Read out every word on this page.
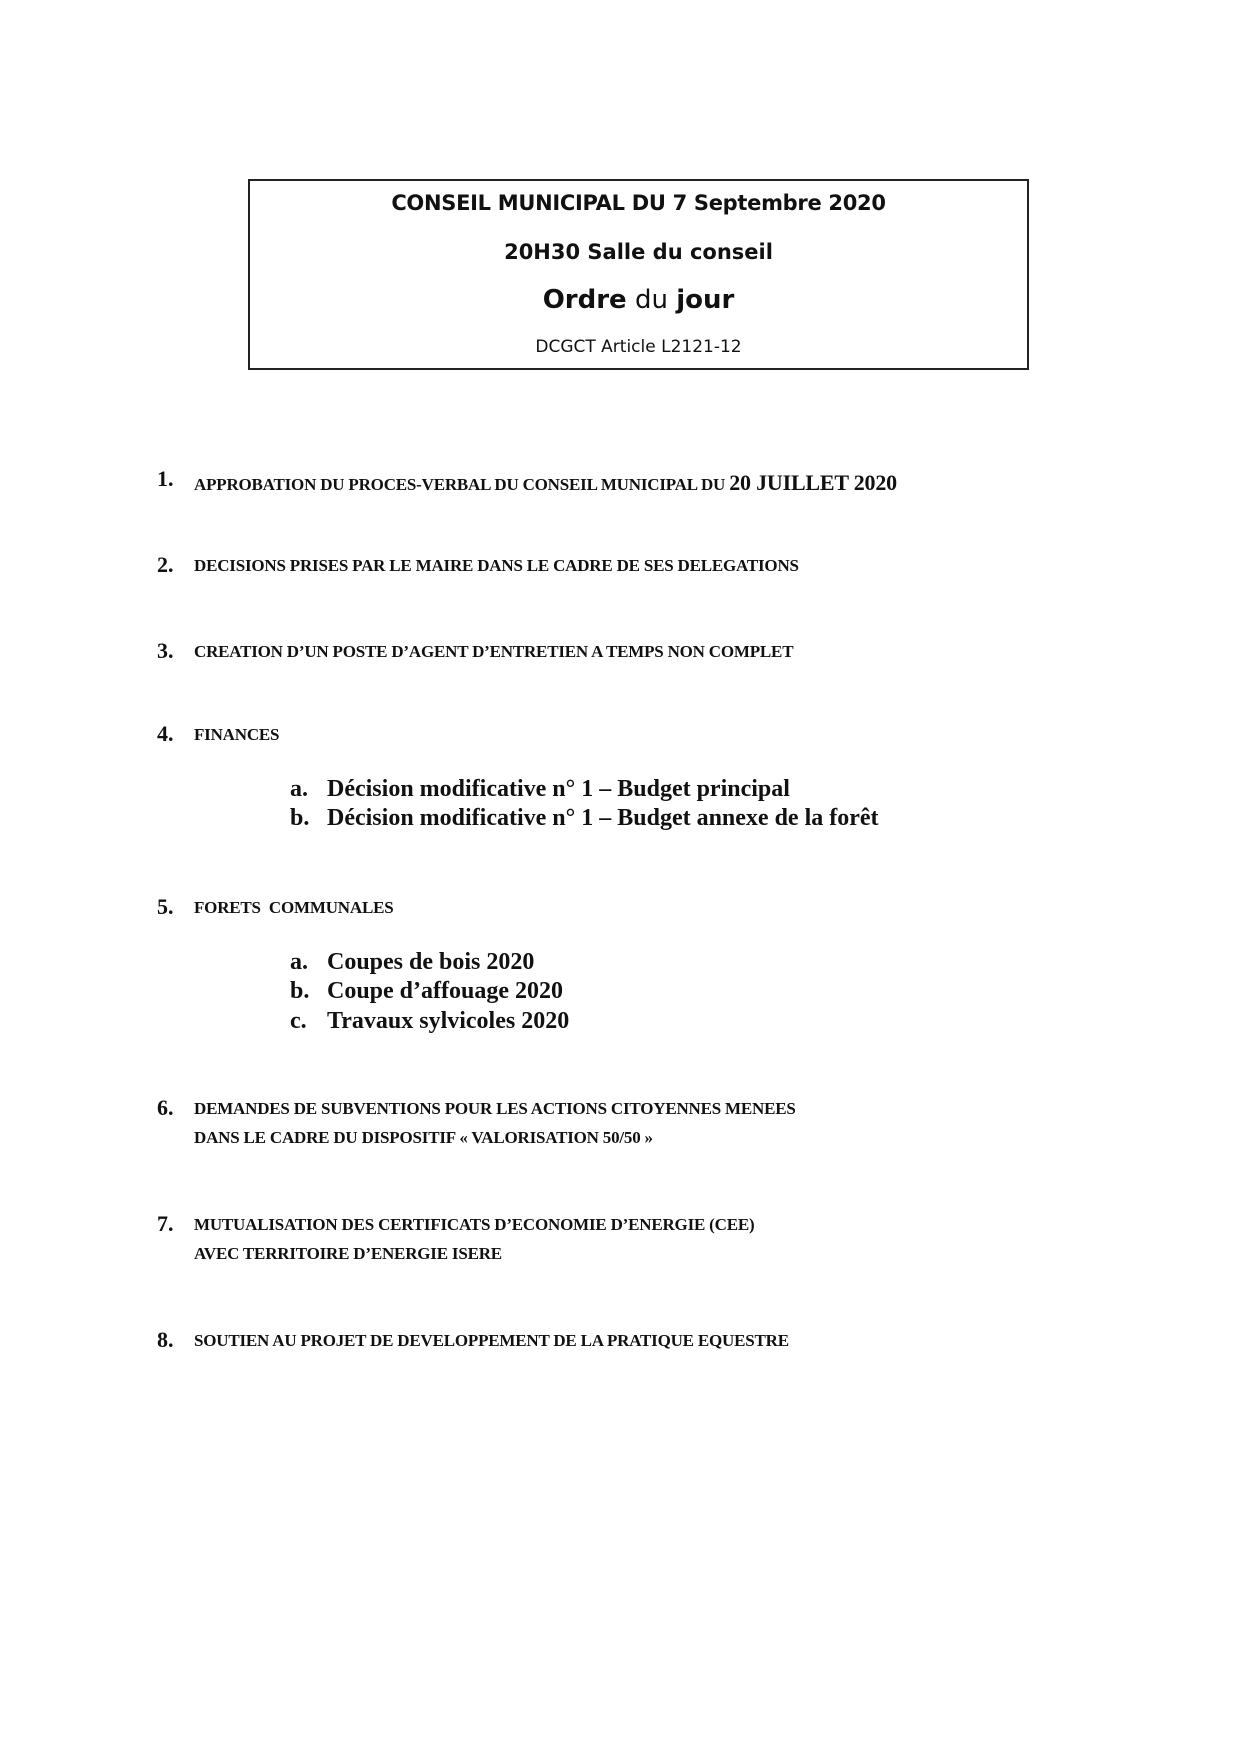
CONSEIL MUNICIPAL DU 7 Septembre 2020
20H30 Salle du conseil
Ordre du jour
DCGCT Article L2121-12
1. APPROBATION DU PROCES-VERBAL DU CONSEIL MUNICIPAL DU 20 JUILLET 2020
2. DECISIONS PRISES PAR LE MAIRE DANS LE CADRE DE SES DELEGATIONS
3. CREATION D’UN POSTE D’AGENT D’ENTRETIEN A TEMPS NON COMPLET
4. FINANCES
a. Décision modificative n° 1 – Budget principal
b. Décision modificative n° 1 – Budget annexe de la forêt
5. FORETS  COMMUNALES
a. Coupes de bois 2020
b. Coupe d’affouage 2020
c. Travaux sylvicoles 2020
6. DEMANDES DE SUBVENTIONS POUR LES ACTIONS CITOYENNES MENEES
DANS LE CADRE DU DISPOSITIF « VALORISATION 50/50 »
7. MUTUALISATION DES CERTIFICATS D’ECONOMIE D’ENERGIE (CEE)
AVEC TERRITOIRE D’ENERGIE ISERE
8. SOUTIEN AU PROJET DE DEVELOPPEMENT DE LA PRATIQUE EQUESTRE
